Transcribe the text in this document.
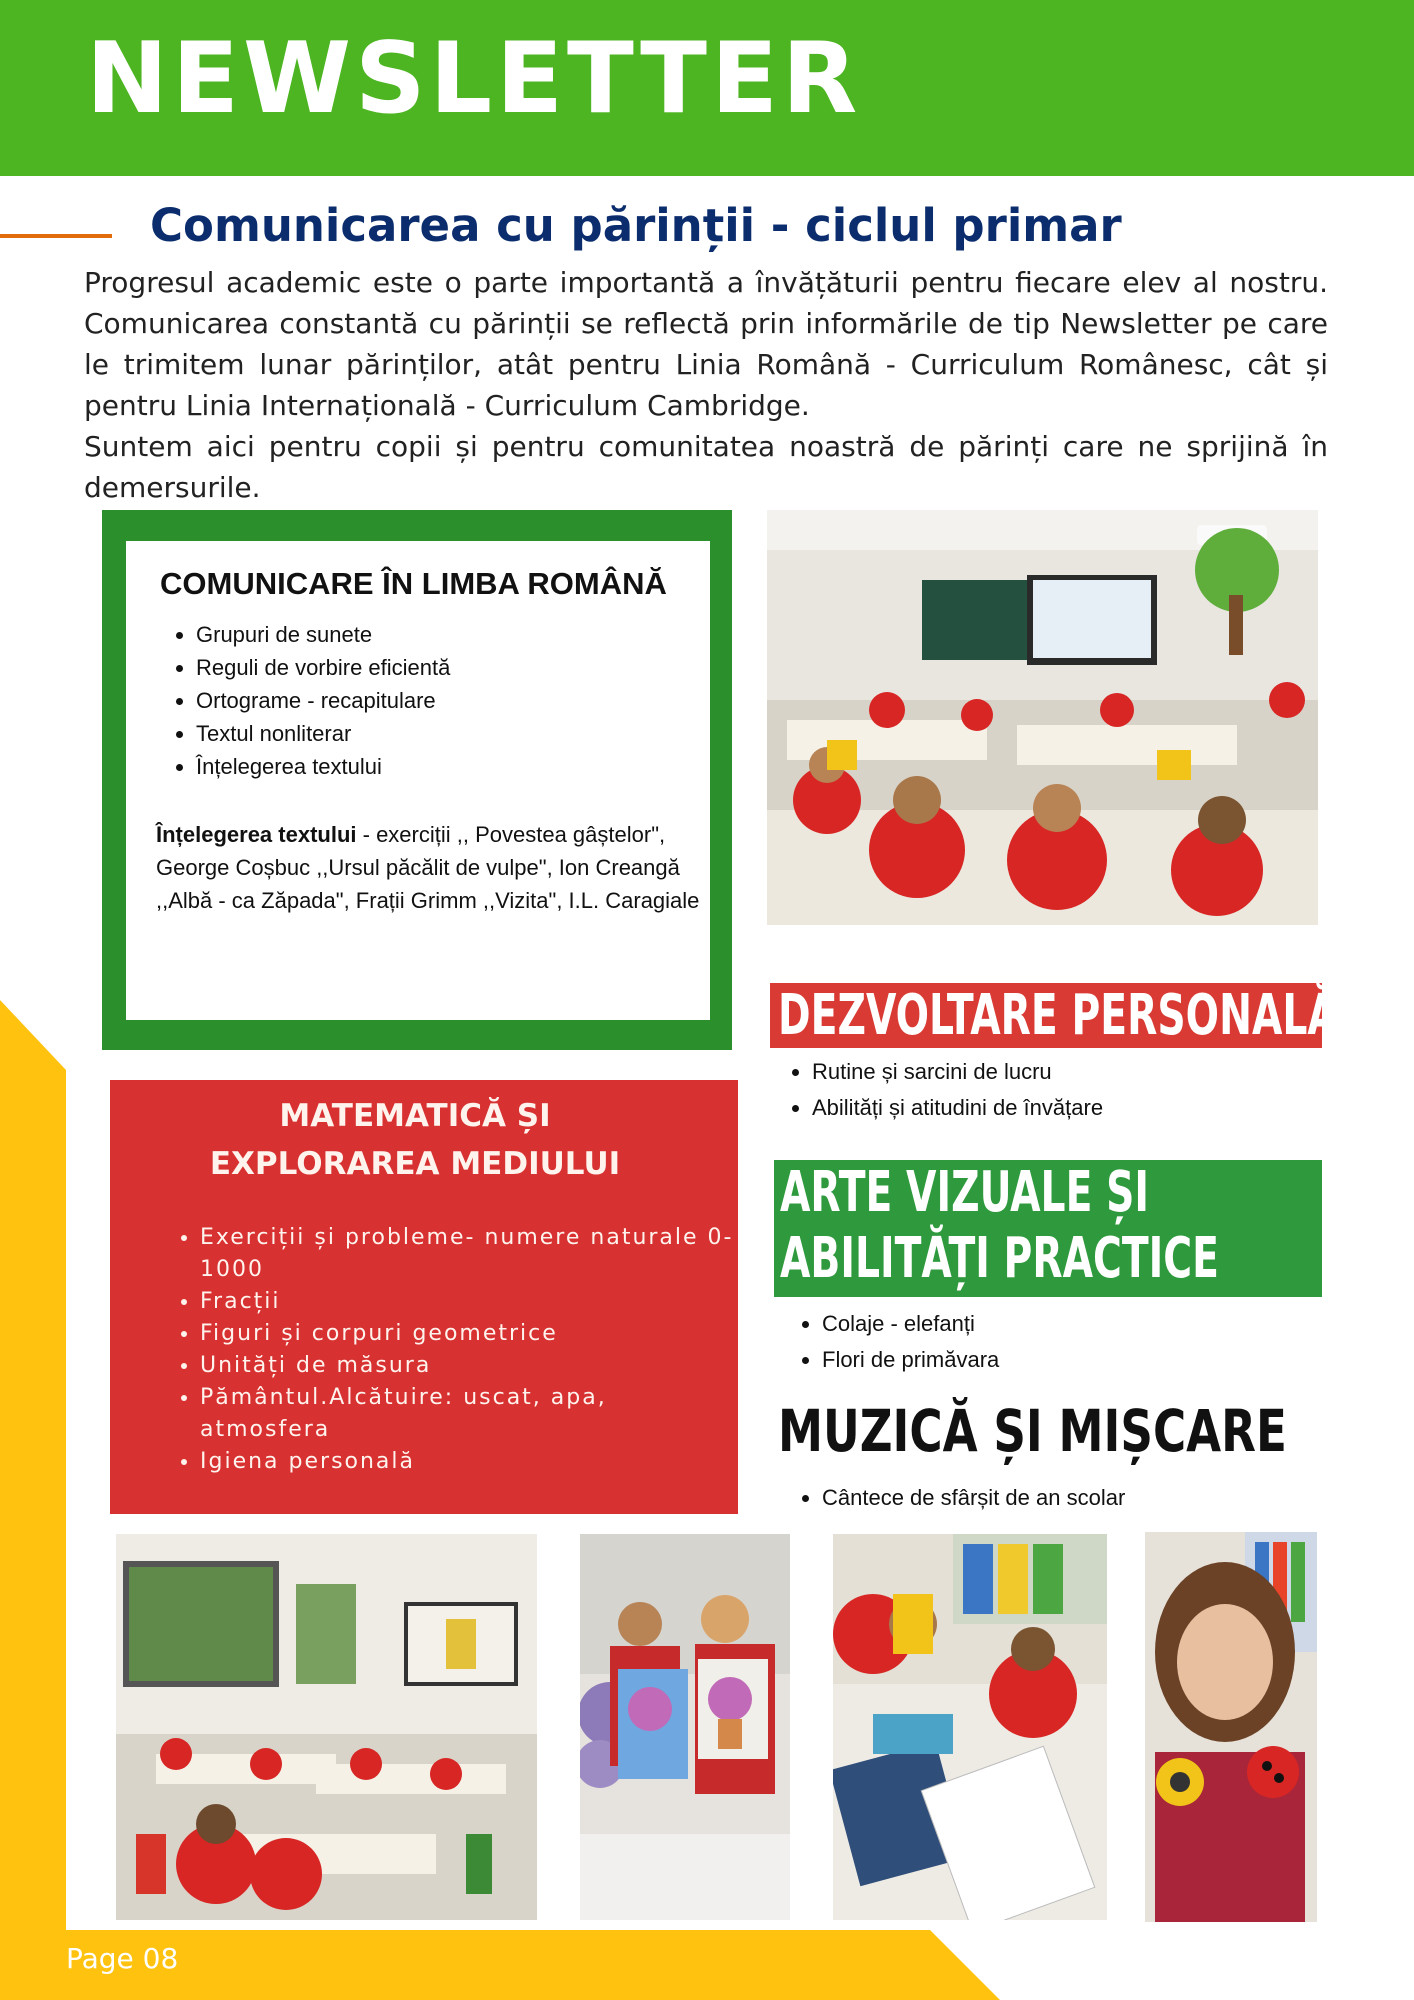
Page 08
NEWSLETTER
Comunicarea cu părinții - ciclul primar

Progresul academic este o parte importantă a învățăturii pentru fiecare elev al nostru. Comunicarea constantă cu părinții se reflectă prin informările de tip Newsletter pe care le trimitem lunar părinților, atât pentru Linia Română - Curriculum Românesc, cât și pentru Linia Internațională - Curriculum Cambridge.

Suntem aici pentru copii și pentru comunitatea noastră de părinți care ne sprijină în demersurile.

COMUNICARE ÎN LIMBA ROMÂNĂ
• Grupuri de sunete
• Reguli de vorbire eficientă
• Ortograme - recapitulare
• Textul nonliterar
• Înțelegerea textului
Înțelegerea textului - exerciții ,, Povestea gâștelor", George Coșbuc ,,Ursul păcălit de vulpe", Ion Creangă ,,Albă - ca Zăpada", Frații Grimm ,,Vizita", I.L. Caragiale
MATEMATICĂ ȘI
EXPLORAREA MEDIULUI
• Exerciții și probleme- numere naturale 0-1000
• Fracții
• Figuri și corpuri geometrice
• Unități de măsura
• Pământul.Alcătuire: uscat, apa, atmosfera
• Igiena personală
DEZVOLTARE PERSONALĂ
• Rutine și sarcini de lucru
• Abilități și atitudini de învățare
ARTE VIZUALE ȘI
ABILITĂȚI PRACTICE
• Colaje - elefanți
• Flori de primăvara
MUZICĂ ȘI MIȘCARE
• Cântece de sfârșit de an scolar
